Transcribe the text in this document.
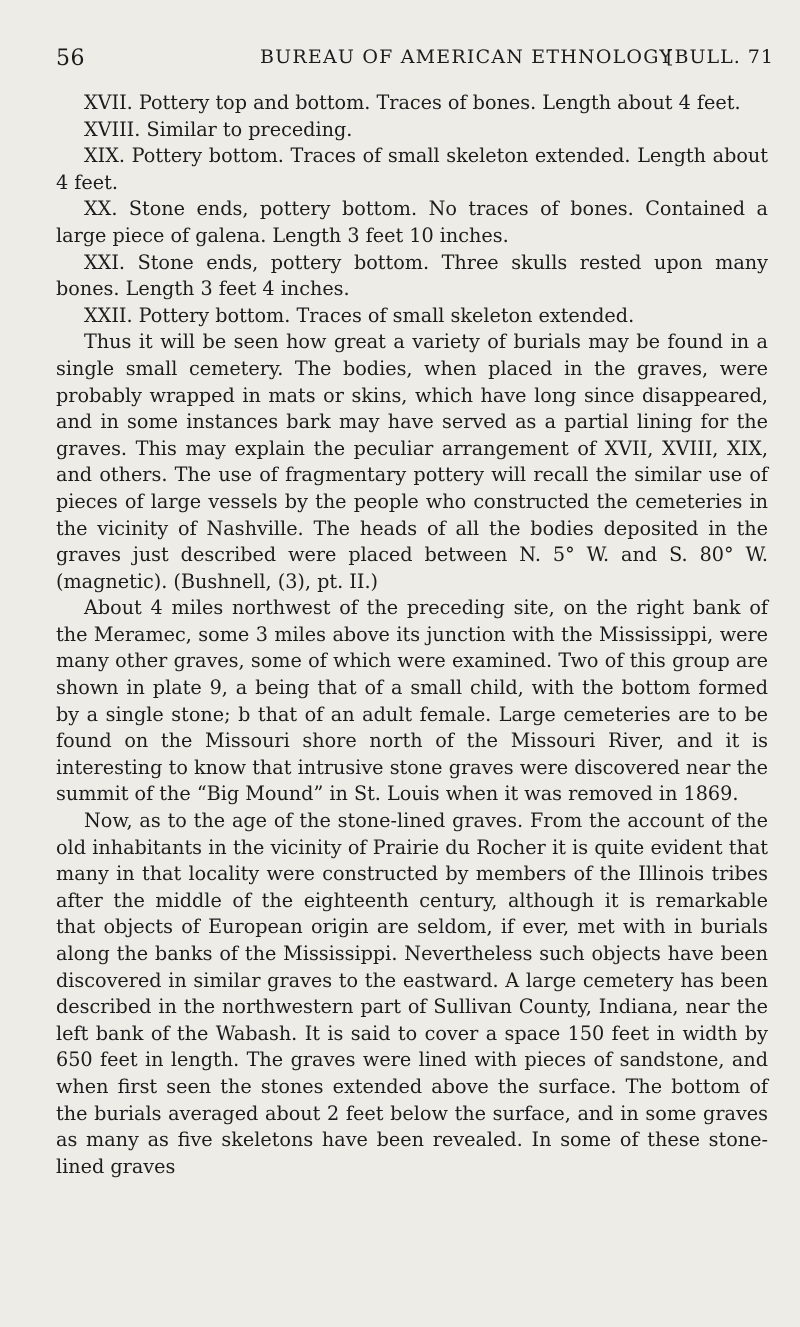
56	BUREAU OF AMERICAN ETHNOLOGY
[BULL. 71

XVII. Pottery top and bottom. Traces of bones. Length about 4 feet.

XVIII. Similar to preceding.

XIX. Pottery bottom. Traces of small skeleton extended. Length about 4 feet.

XX. Stone ends, pottery bottom. No traces of bones. Contained a large piece of galena. Length 3 feet 10 inches.

XXI. Stone ends, pottery bottom. Three skulls rested upon many bones. Length 3 feet 4 inches.

XXII. Pottery bottom. Traces of small skeleton extended.

Thus it will be seen how great a variety of burials may be found in a single small cemetery. The bodies, when placed in the graves, were probably wrapped in mats or skins, which have long since disappeared, and in some instances bark may have served as a partial lining for the graves. This may explain the peculiar arrangement of XVII, XVIII, XIX, and others. The use of fragmentary pottery will recall the similar use of pieces of large vessels by the people who constructed the cemeteries in the vicinity of Nashville. The heads of all the bodies deposited in the graves just described were placed between N. 5° W. and S. 80° W. (magnetic). (Bushnell, (3), pt. II.)

About 4 miles northwest of the preceding site, on the right bank of the Meramec, some 3 miles above its junction with the Mississippi, were many other graves, some of which were examined. Two of this group are shown in plate 9, a being that of a small child, with the bottom formed by a single stone; b that of an adult female. Large cemeteries are to be found on the Missouri shore north of the Missouri River, and it is interesting to know that intrusive stone graves were discovered near the summit of the “Big Mound” in St. Louis when it was removed in 1869.

Now, as to the age of the stone-lined graves. From the account of the old inhabitants in the vicinity of Prairie du Rocher it is quite evident that many in that locality were constructed by members of the Illinois tribes after the middle of the eighteenth century, although it is remarkable that objects of European origin are seldom, if ever, met with in burials along the banks of the Mississippi. Nevertheless such objects have been discovered in similar graves to the eastward. A large cemetery has been described in the northwestern part of Sullivan County, Indiana, near the left bank of the Wabash. It is said to cover a space 150 feet in width by 650 feet in length. The graves were lined with pieces of sandstone, and when first seen the stones extended above the surface. The bottom of the burials averaged about 2 feet below the surface, and in some graves as many as five skeletons have been revealed. In some of these stone-lined graves
